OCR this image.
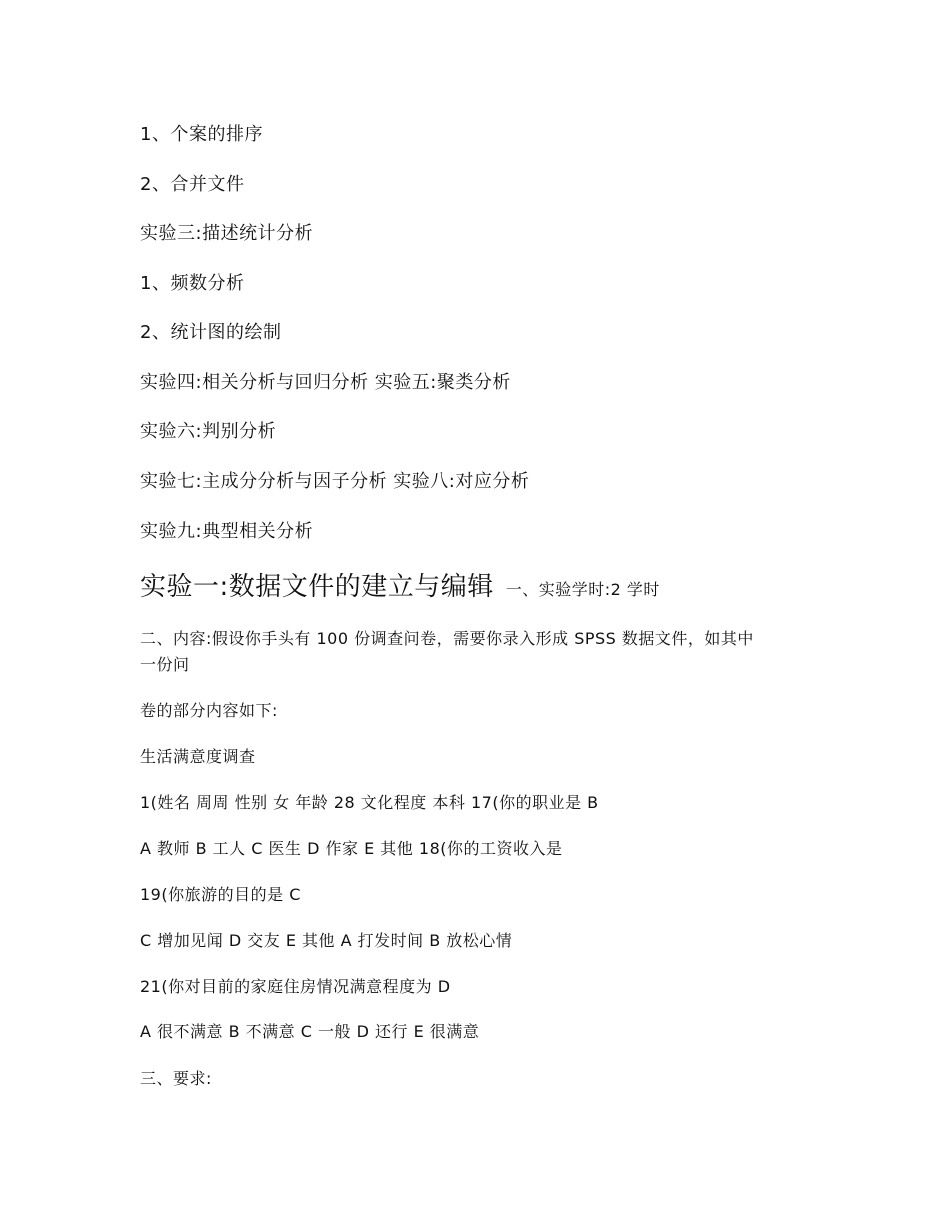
1、个案的排序
2、合并文件
实验三:描述统计分析
1、频数分析
2、统计图的绘制
实验四:相关分析与回归分析 实验五:聚类分析
实验六:判别分析
实验七:主成分分析与因子分析 实验八:对应分析
实验九:典型相关分析
实验一:数据文件的建立与编辑 一、实验学时:2 学时
二、内容:假设你手头有 100 份调查问卷，需要你录入形成 SPSS 数据文件，如其中
一份问
卷的部分内容如下:
生活满意度调查
1(姓名 周周 性别 女 年龄 28 文化程度 本科 17(你的职业是 B
A 教师 B 工人 C 医生 D 作家 E 其他 18(你的工资收入是
19(你旅游的目的是 C
C 增加见闻 D 交友 E 其他 A 打发时间 B 放松心情
21(你对目前的家庭住房情况满意程度为 D
A 很不满意 B 不满意 C 一般 D 还行 E 很满意
三、要求:
